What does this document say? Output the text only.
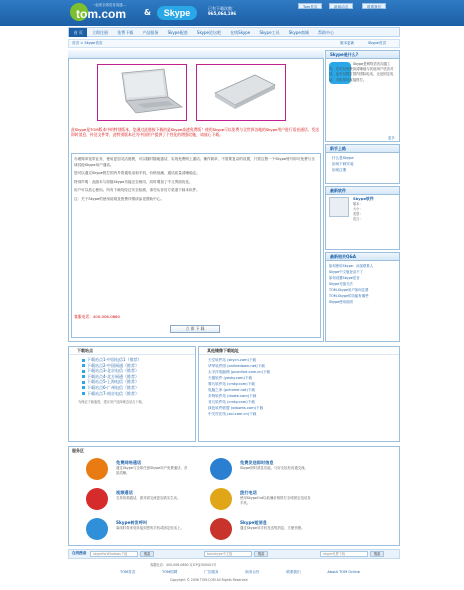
tom.com
一起来全球语音沟通…
&	Skype	已有下载次数：
965,064,196
Tom首页	新闻动态	联系我们
首 页	立即注册	免费下载	产品服务	Skype配套	Skype论坛吧	在线Skype	Skype工具	Skype商城	帮助中心
首页 > Skype首页	版本更新	Skype首页
此Skype是TOM版本中的特别版本。您通过此链接下载的是Skype高速免费版！使用Skype可以免费与全世界各地的Skype用户进行语音通话、发送即时消息、传送文件等，此特别版本还为中国用户提供了个性化的增强功能，请放心下载。

办理简单宽带业务，使用更加灵活便捷，可以随时随地通话，实现免费网上通话。操作简单，不需要复杂的设置，只需注册一个Skype账号即可免费与全球其他Skype用户通话。

您可以通过Skype拨打国内外普通电话和手机，价格低廉，通话质量清晰稳定。

特别声明：此版本与原版Skype功能完全相同，同时增加了中文界面优化。

用户可以放心使用。所有下载均经过安全检测，请勿从非官方渠道下载本软件。

注：关于Skype的使用说明及资费详情请参见帮助中心。

客服电话：400-006-0860
立 即 下 载
Skype是什么?
Skype是网络语音沟通工具，它可以免费高清晰地与其他用户语音对话，也可以拨打国内国际电话，无论固定电话、手机均可直接拨打。
更多
新手上路
什么是Skype
如何下载安装
如何注册
最新软件
Skype软件
版本：
大小：
类型：
语言：
最新相关Q&A
如何使用Skype：添加联系人
Skype中文版登录不了
如何设置Skype语音
Skype充值方法
TOM-Skype用户如何注册
TOM-Skype的功能有哪些
Skype使用说明
下载站点
下载站点1-中国电信1（推荐）
下载站点2-中国网通（推荐）
下载站点3-北京电信（推荐）
下载站点4-北方网通（推荐）
下载站点5-上海电信（推荐）
下载站点6-广州电信（推荐）
下载站点7-南京电信（推荐）
为保证下载速度，建议用户选择就近站点下载。
其他镜像下载地址
天空软件站 (skycn.com)下载
华军软件园 (onlinedown.net)下载
太平洋电脑网 (pconline.com.cn)下载
天极软件 (yesky.com)下载
霏凡软件站 (crsky.com)下载
电脑之家 (pchome.net)下载
多特软件站 (duote.com)下载
非凡软件站 (crsky.com)下载
绿色软件联盟 (xdowns.com)下载
中关村在线 (zol.com.cn)下载
服务区
免费网络通话
通过Skype与全球任意Skype用户免费通话，音质清晰。
免费发送即时信息
Skype即时消息功能，与好友轻松沟通交流。
视频通话
支持视频通话，面对面交流更加真实生动。
拨打电话
使用SkypeOut以低廉价格拨打全球固定电话及手机。
Skype转发呼叫
离线时将来电转接到您的手机或固定电话上。
Skype短消息
通过Skype向手机发送短消息，方便快捷。
在线搜索	skypeforWindows下载	搜索	tomskype中文版	搜索	skype免费下载	搜索
TOM首页	TOM招聘	广告服务	商务合作	联系我们	About TOM Online
客服电话：400-006-0860 京ICP证000001号
Copyright © 2006 TOM.COM All Rights Reserved
